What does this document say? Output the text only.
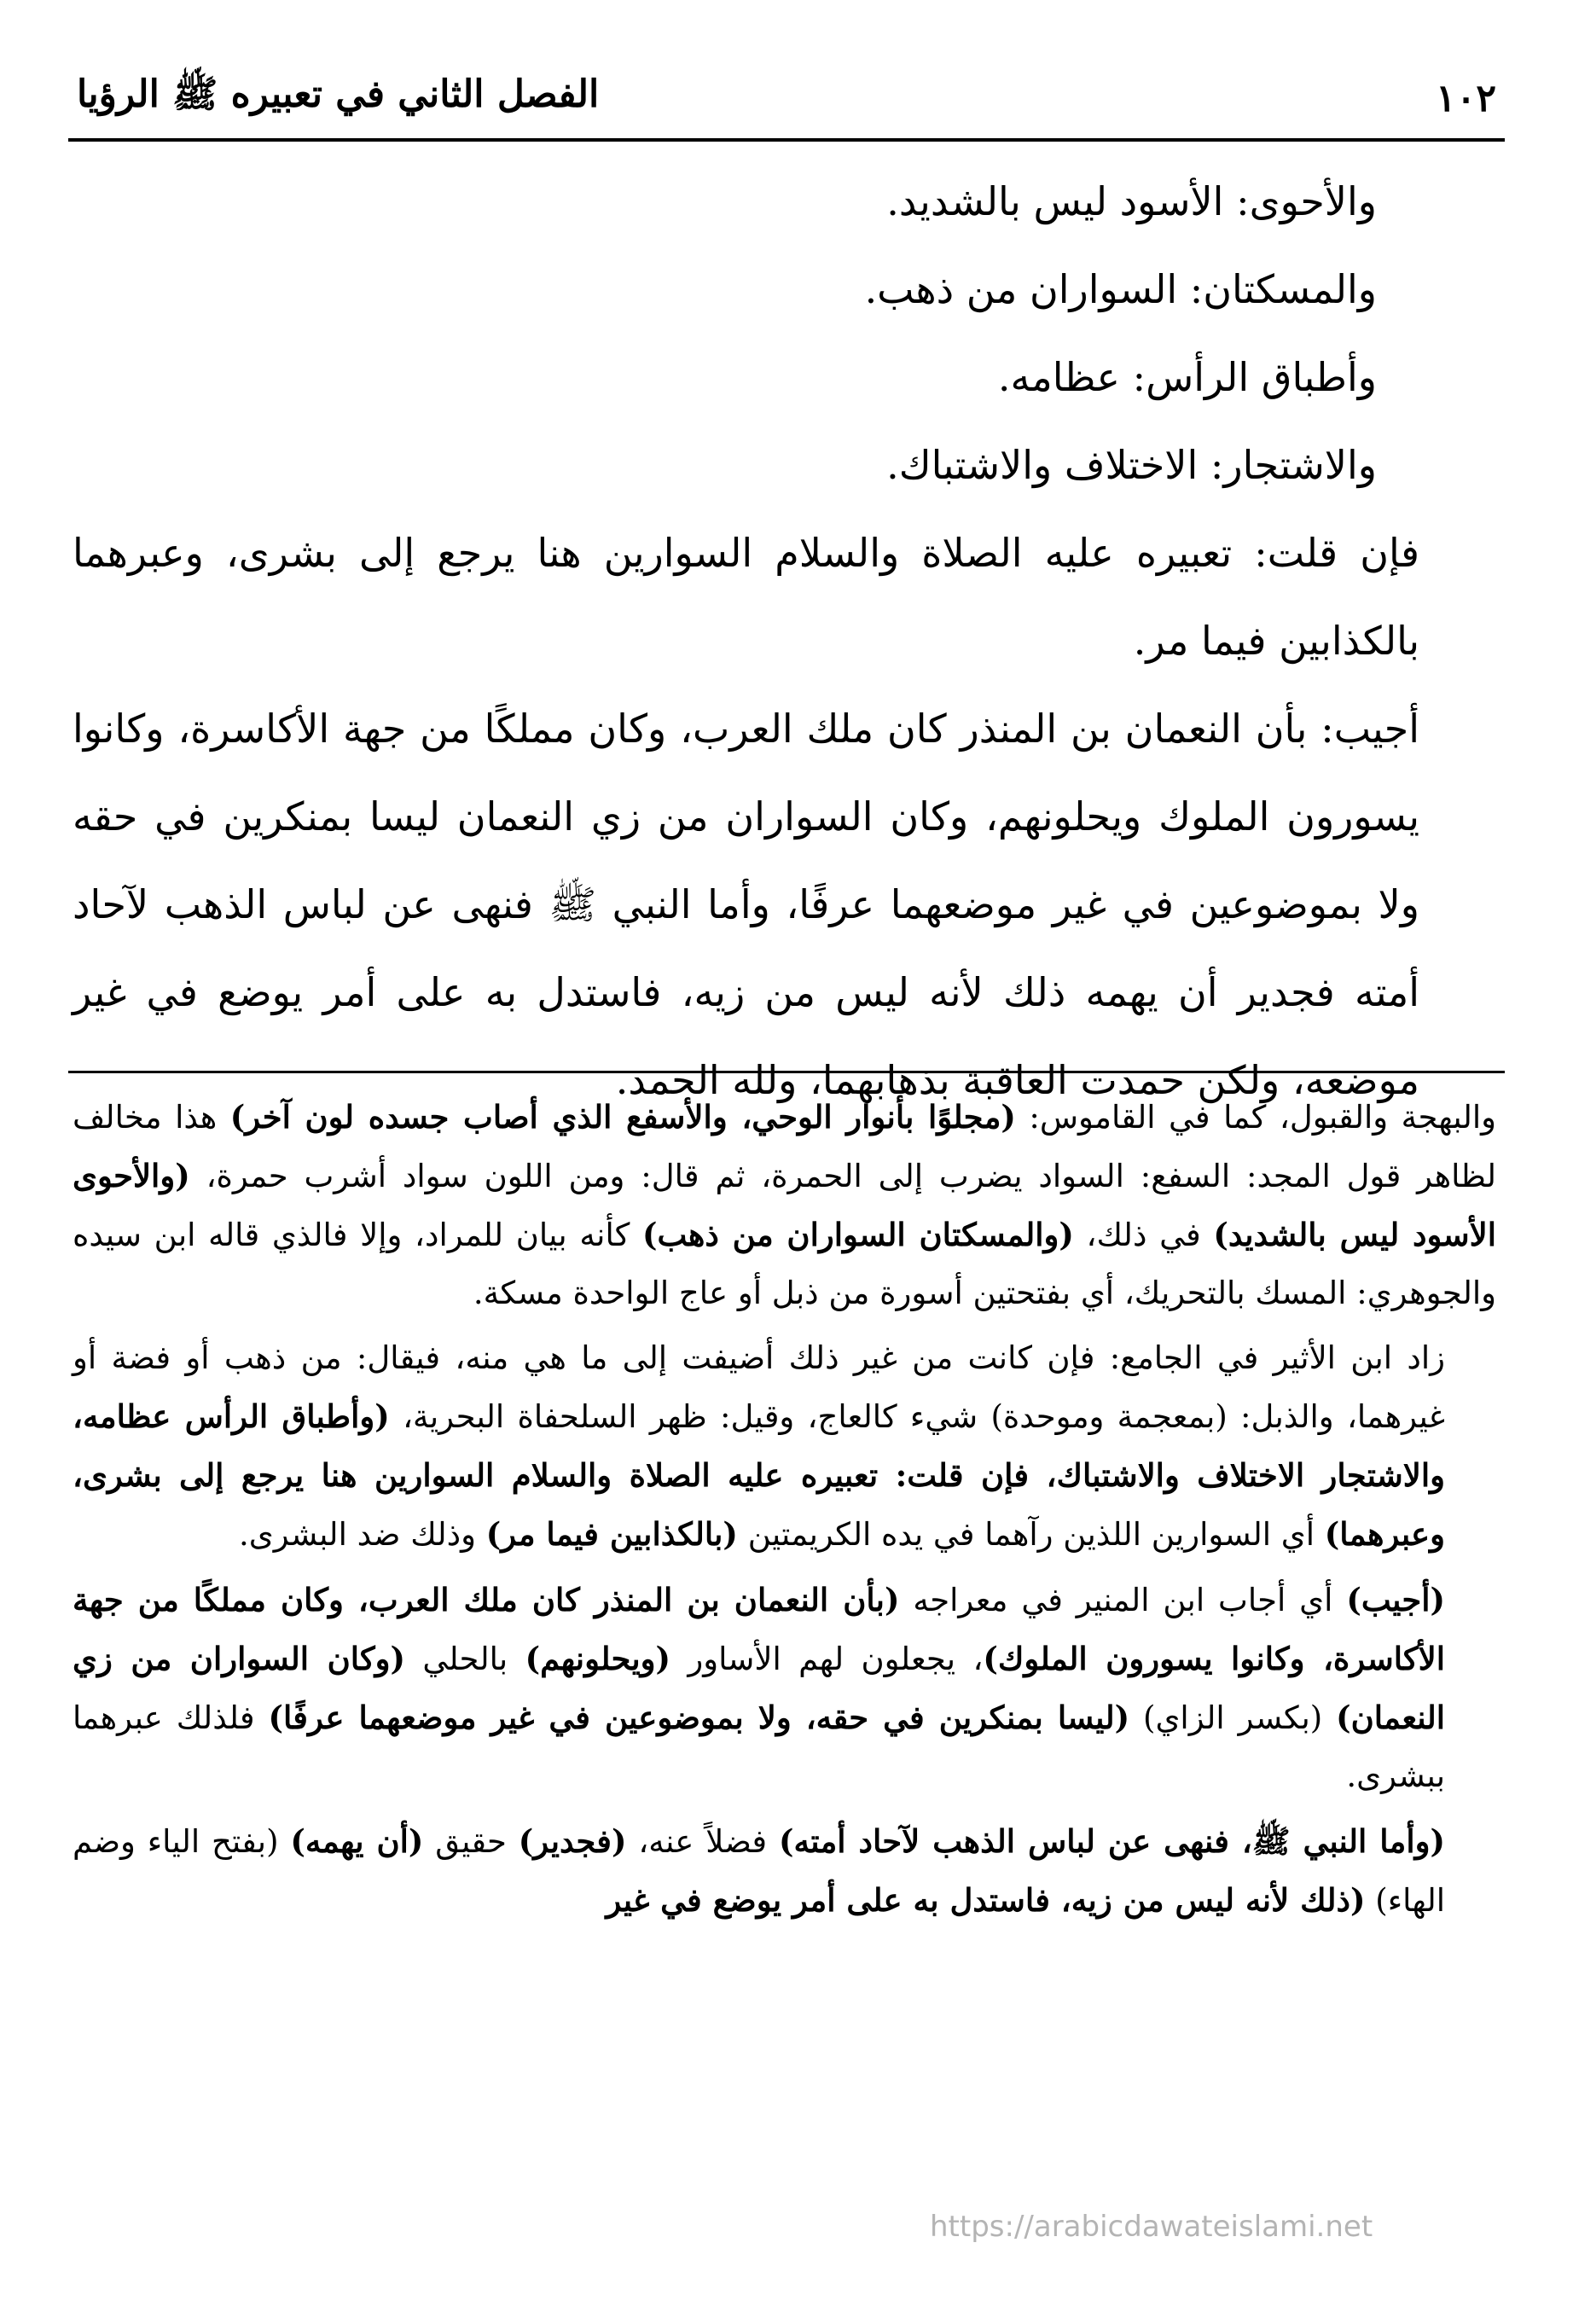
١٠٢
الفصل الثاني في تعبيره ﷺ الرؤيا

والأحوى: الأسود ليس بالشديد.

والمسكتان: السواران من ذهب.

وأطباق الرأس: عظامه.

والاشتجار: الاختلاف والاشتباك.

فإن قلت: تعبيره عليه الصلاة والسلام السوارين هنا يرجع إلى بشرى، وعبرهما بالكذابين فيما مر.

أجيب: بأن النعمان بن المنذر كان ملك العرب، وكان مملكًا من جهة الأكاسرة، وكانوا يسورون الملوك ويحلونهم، وكان السواران من زي النعمان ليسا بمنكرين في حقه ولا بموضوعين في غير موضعهما عرفًا، وأما النبي ﷺ فنهى عن لباس الذهب لآحاد أمته فجدير أن يهمه ذلك لأنه ليس من زيه، فاستدل به على أمر يوضع في غير موضعه، ولكن حمدت العاقبة بذهابهما، ولله الحمد.

والبهجة والقبول، كما في القاموس: (مجلوًا بأنوار الوحي، والأسفع الذي أصاب جسده لون آخر) هذا مخالف لظاهر قول المجد: السفع: السواد يضرب إلى الحمرة، ثم قال: ومن اللون سواد أشرب حمرة، (والأحوى الأسود ليس بالشديد) في ذلك، (والمسكتان السواران من ذهب) كأنه بيان للمراد، وإلا فالذي قاله ابن سيده والجوهري: المسك بالتحريك، أي بفتحتين أسورة من ذبل أو عاج الواحدة مسكة.

زاد ابن الأثير في الجامع: فإن كانت من غير ذلك أضيفت إلى ما هي منه، فيقال: من ذهب أو فضة أو غيرهما، والذبل: (بمعجمة وموحدة) شيء كالعاج، وقيل: ظهر السلحفاة البحرية، (وأطباق الرأس عظامه، والاشتجار الاختلاف والاشتباك، فإن قلت: تعبيره عليه الصلاة والسلام السوارين هنا يرجع إلى بشرى، وعبرهما) أي السوارين اللذين رآهما في يده الكريمتين (بالكذابين فيما مر) وذلك ضد البشرى.

(أجيب) أي أجاب ابن المنير في معراجه (بأن النعمان بن المنذر كان ملك العرب، وكان مملكًا من جهة الأكاسرة، وكانوا يسورون الملوك)، يجعلون لهم الأساور (ويحلونهم) بالحلي (وكان السواران من زي النعمان) (بكسر الزاي) (ليسا بمنكرين في حقه، ولا بموضوعين في غير موضعهما عرفًا) فلذلك عبرهما ببشرى.

(وأما النبي ﷺ، فنهى عن لباس الذهب لآحاد أمته) فضلاً عنه، (فجدير) حقيق (أن يهمه) (بفتح الياء وضم الهاء) (ذلك لأنه ليس من زيه، فاستدل به على أمر يوضع في غير

https://arabicdawateislami.net
